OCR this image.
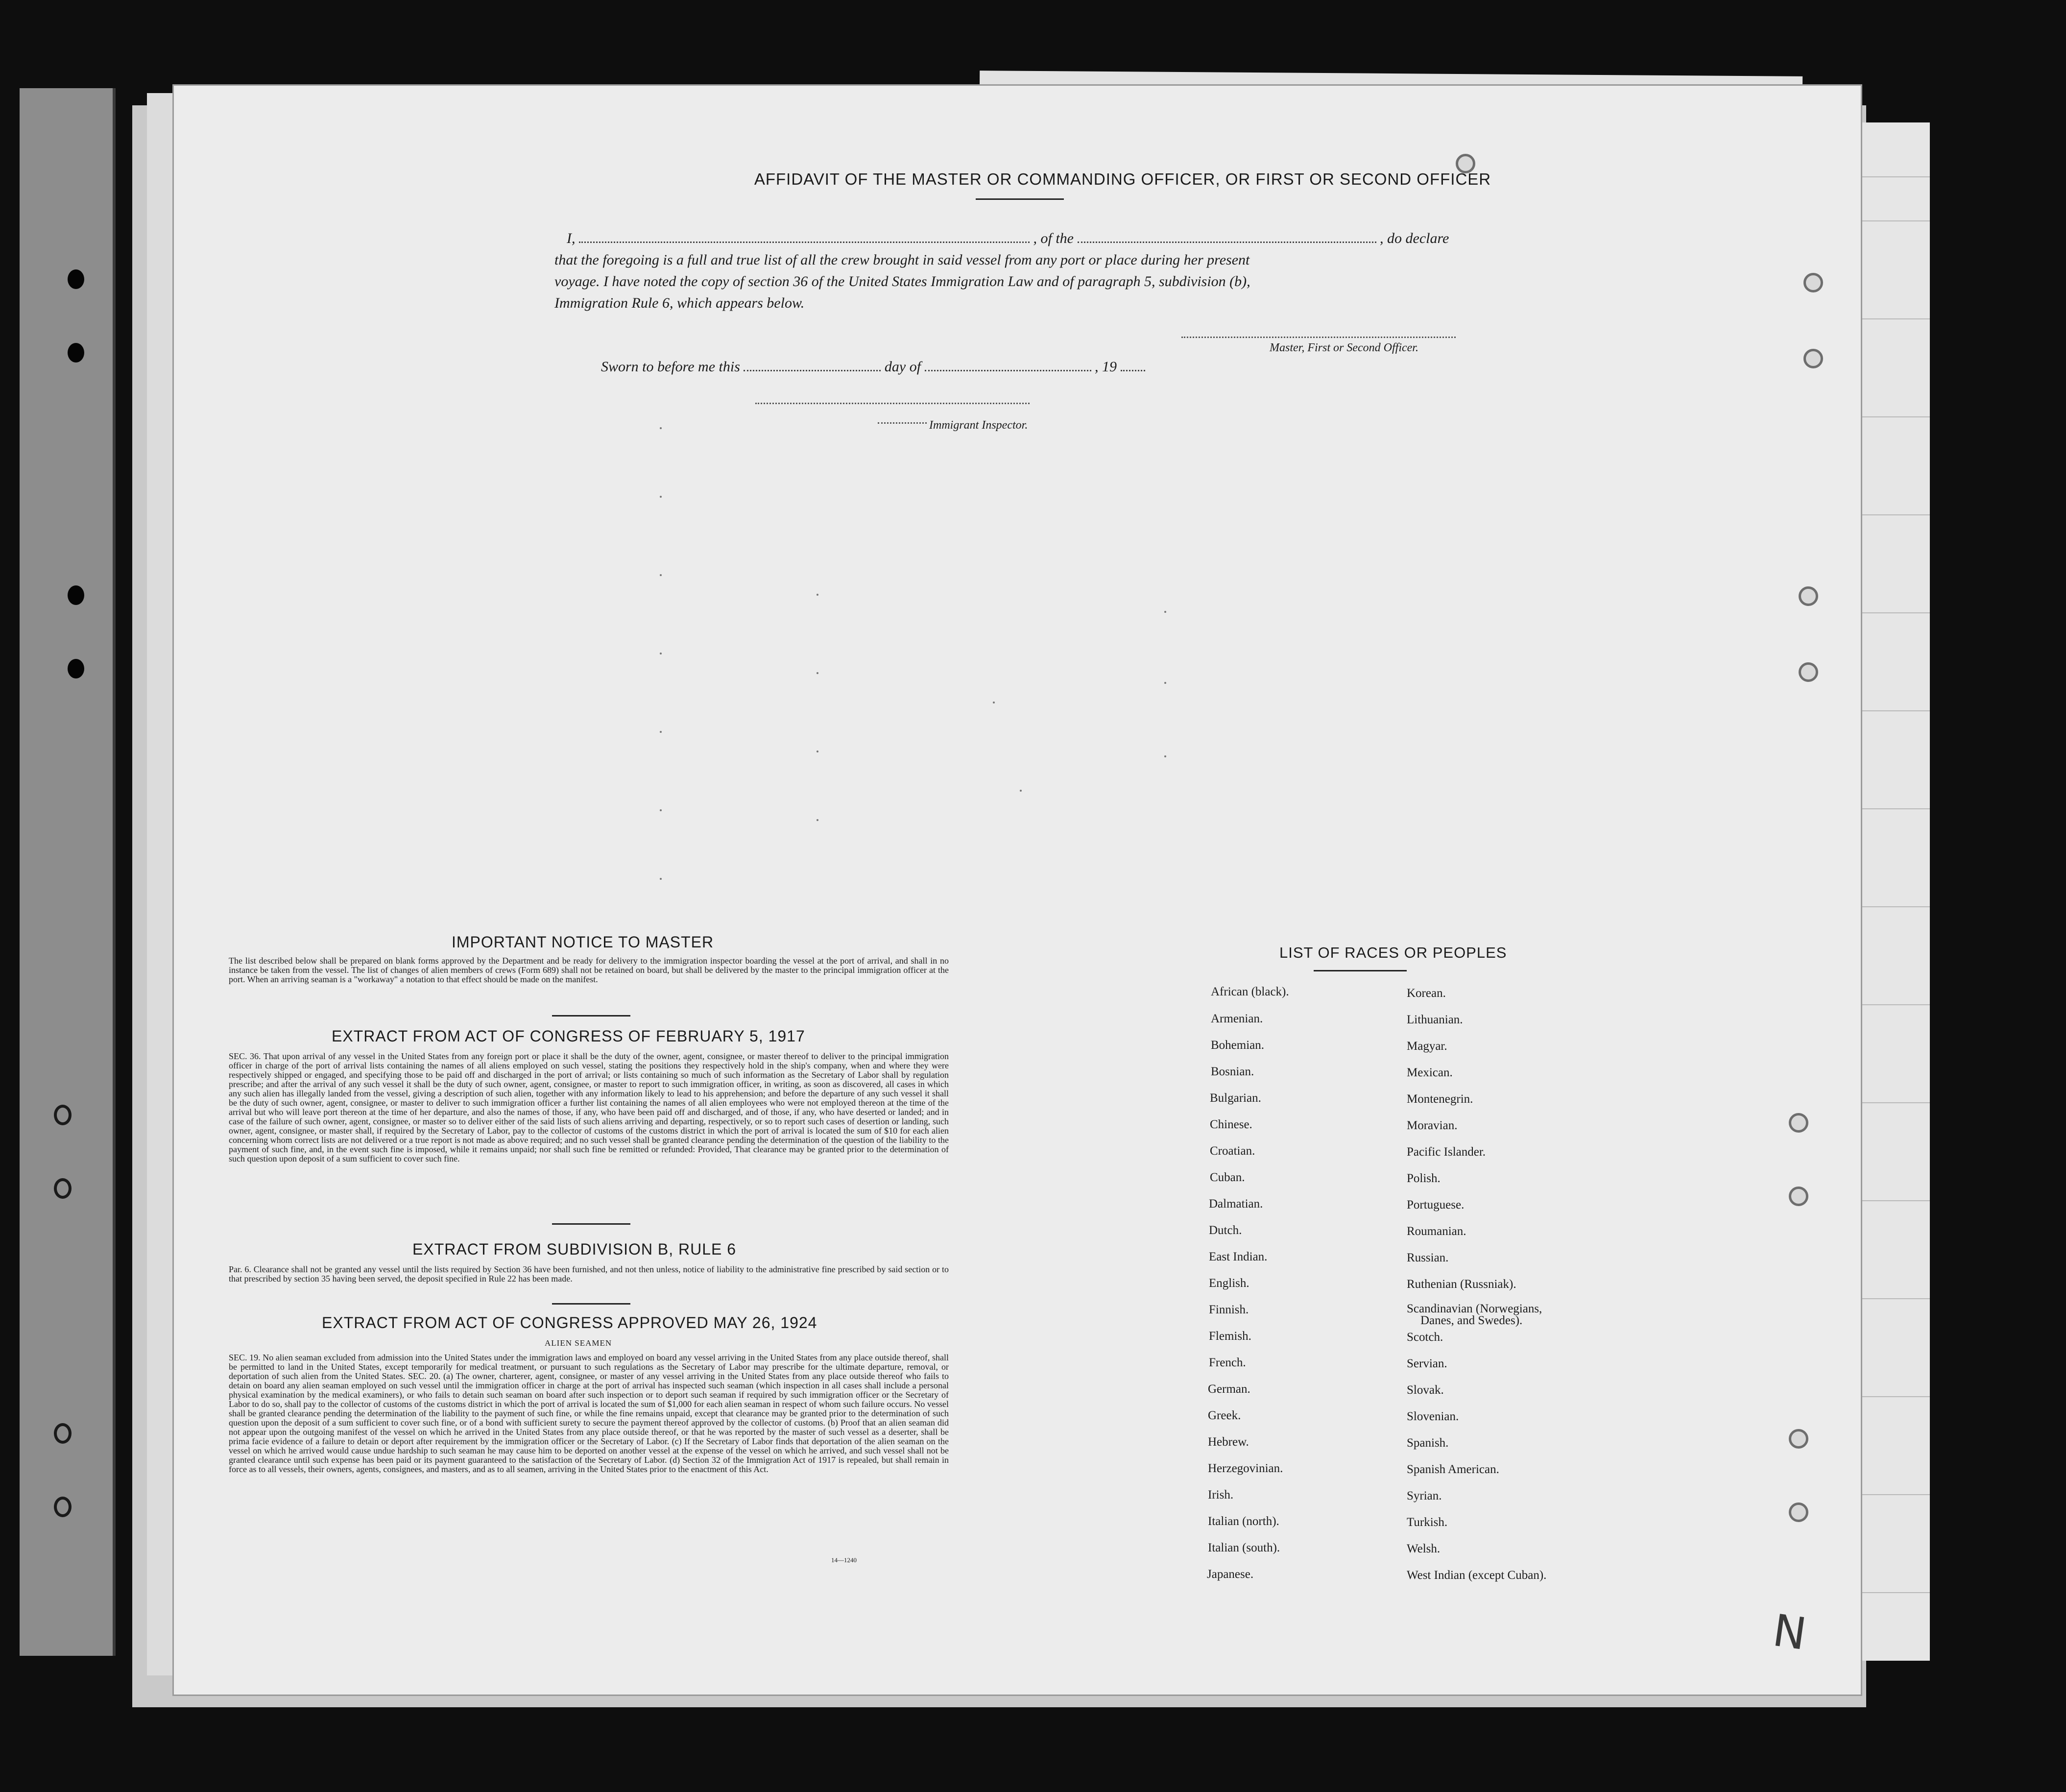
AFFIDAVIT OF THE MASTER OR COMMANDING OFFICER, OR FIRST OR SECOND OFFICER
I,	, of the	, do declare
that the foregoing is a full and true list of all the crew brought in said vessel from any port or place during her present
voyage. I have noted the copy of section 36 of the United States Immigration Law and of paragraph 5, subdivision (b),
Immigration Rule 6, which appears below.
Master, First or Second Officer.
Sworn to before me this	day of	, 19
Immigrant Inspector.
IMPORTANT NOTICE TO MASTER
The list described below shall be prepared on blank forms approved by the Department and be ready for delivery to the immigration inspector boarding the vessel at the port of arrival, and shall in no instance be taken from the vessel. The list of changes of alien members of crews (Form 689) shall not be retained on board, but shall be delivered by the master to the principal immigration officer at the port. When an arriving seaman is a "workaway" a notation to that effect should be made on the manifest.
EXTRACT FROM ACT OF CONGRESS OF FEBRUARY 5, 1917
SEC. 36. That upon arrival of any vessel in the United States from any foreign port or place it shall be the duty of the owner, agent, consignee, or master thereof to deliver to the principal immigration officer in charge of the port of arrival lists containing the names of all aliens employed on such vessel, stating the positions they respectively hold in the ship's company, when and where they were respectively shipped or engaged, and specifying those to be paid off and discharged in the port of arrival; or lists containing so much of such information as the Secretary of Labor shall by regulation prescribe; and after the arrival of any such vessel it shall be the duty of such owner, agent, consignee, or master to report to such immigration officer, in writing, as soon as discovered, all cases in which any such alien has illegally landed from the vessel, giving a description of such alien, together with any information likely to lead to his apprehension; and before the departure of any such vessel it shall be the duty of such owner, agent, consignee, or master to deliver to such immigration officer a further list containing the names of all alien employees who were not employed thereon at the time of the arrival but who will leave port thereon at the time of her departure, and also the names of those, if any, who have been paid off and discharged, and of those, if any, who have deserted or landed; and in case of the failure of such owner, agent, consignee, or master so to deliver either of the said lists of such aliens arriving and departing, respectively, or so to report such cases of desertion or landing, such owner, agent, consignee, or master shall, if required by the Secretary of Labor, pay to the collector of customs of the customs district in which the port of arrival is located the sum of $10 for each alien concerning whom correct lists are not delivered or a true report is not made as above required; and no such vessel shall be granted clearance pending the determination of the question of the liability to the payment of such fine, and, in the event such fine is imposed, while it remains unpaid; nor shall such fine be remitted or refunded: Provided, That clearance may be granted prior to the determination of such question upon deposit of a sum sufficient to cover such fine.
EXTRACT FROM SUBDIVISION B, RULE 6
Par. 6. Clearance shall not be granted any vessel until the lists required by Section 36 have been furnished, and not then unless, notice of liability to the administrative fine prescribed by said section or to that prescribed by section 35 having been served, the deposit specified in Rule 22 has been made.
EXTRACT FROM ACT OF CONGRESS APPROVED MAY 26, 1924
ALIEN SEAMEN
SEC. 19. No alien seaman excluded from admission into the United States under the immigration laws and employed on board any vessel arriving in the United States from any place outside thereof, shall be permitted to land in the United States, except temporarily for medical treatment, or pursuant to such regulations as the Secretary of Labor may prescribe for the ultimate departure, removal, or deportation of such alien from the United States. SEC. 20. (a) The owner, charterer, agent, consignee, or master of any vessel arriving in the United States from any place outside thereof who fails to detain on board any alien seaman employed on such vessel until the immigration officer in charge at the port of arrival has inspected such seaman (which inspection in all cases shall include a personal physical examination by the medical examiners), or who fails to detain such seaman on board after such inspection or to deport such seaman if required by such immigration officer or the Secretary of Labor to do so, shall pay to the collector of customs of the customs district in which the port of arrival is located the sum of $1,000 for each alien seaman in respect of whom such failure occurs. No vessel shall be granted clearance pending the determination of the liability to the payment of such fine, or while the fine remains unpaid, except that clearance may be granted prior to the determination of such question upon the deposit of a sum sufficient to cover such fine, or of a bond with sufficient surety to secure the payment thereof approved by the collector of customs. (b) Proof that an alien seaman did not appear upon the outgoing manifest of the vessel on which he arrived in the United States from any place outside thereof, or that he was reported by the master of such vessel as a deserter, shall be prima facie evidence of a failure to detain or deport after requirement by the immigration officer or the Secretary of Labor. (c) If the Secretary of Labor finds that deportation of the alien seaman on the vessel on which he arrived would cause undue hardship to such seaman he may cause him to be deported on another vessel at the expense of the vessel on which he arrived, and such vessel shall not be granted clearance until such expense has been paid or its payment guaranteed to the satisfaction of the Secretary of Labor. (d) Section 32 of the Immigration Act of 1917 is repealed, but shall remain in force as to all vessels, their owners, agents, consignees, and masters, and as to all seamen, arriving in the United States prior to the enactment of this Act.
14—1240
LIST OF RACES OR PEOPLES
African (black).
Armenian.
Bohemian.
Bosnian.
Bulgarian.
Chinese.
Croatian.
Cuban.
Dalmatian.
Dutch.
East Indian.
English.
Finnish.
Flemish.
French.
German.
Greek.
Hebrew.
Herzegovinian.
Irish.
Italian (north).
Italian (south).
Japanese.
Korean.
Lithuanian.
Magyar.
Mexican.
Montenegrin.
Moravian.
Pacific Islander.
Polish.
Portuguese.
Roumanian.
Russian.
Ruthenian (Russniak).
Scandinavian (Norwegians,
Danes, and Swedes).
Scotch.
Servian.
Slovak.
Slovenian.
Spanish.
Spanish American.
Syrian.
Turkish.
Welsh.
West Indian (except Cuban).
N
